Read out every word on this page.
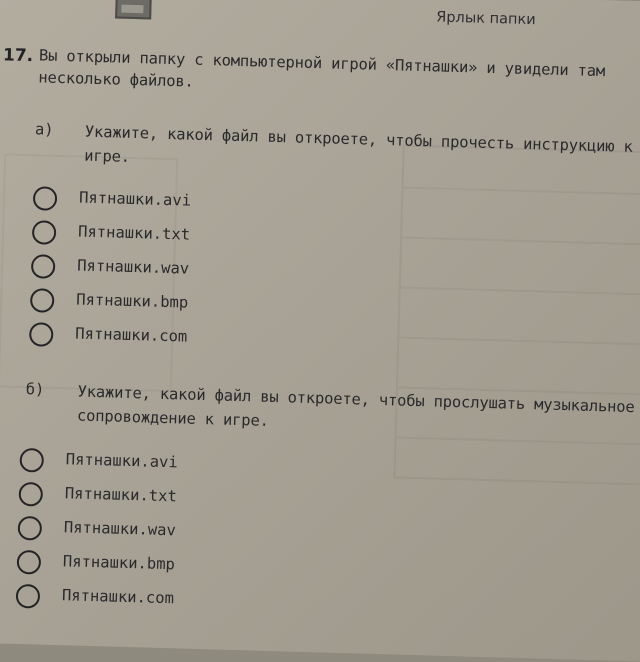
Ярлык папки
17. Вы открыли папку с компьютерной игрой «Пятнашки» и увидели там несколько файлов.
а) Укажите, какой файл вы откроете, чтобы прочесть инструкцию к игре.
Пятнашки.avi
Пятнашки.txt
Пятнашки.wav
Пятнашки.bmp
Пятнашки.com
б) Укажите, какой файл вы откроете, чтобы прослушать музыкальное сопровождение к игре.
Пятнашки.avi
Пятнашки.txt
Пятнашки.wav
Пятнашки.bmp
Пятнашки.com
